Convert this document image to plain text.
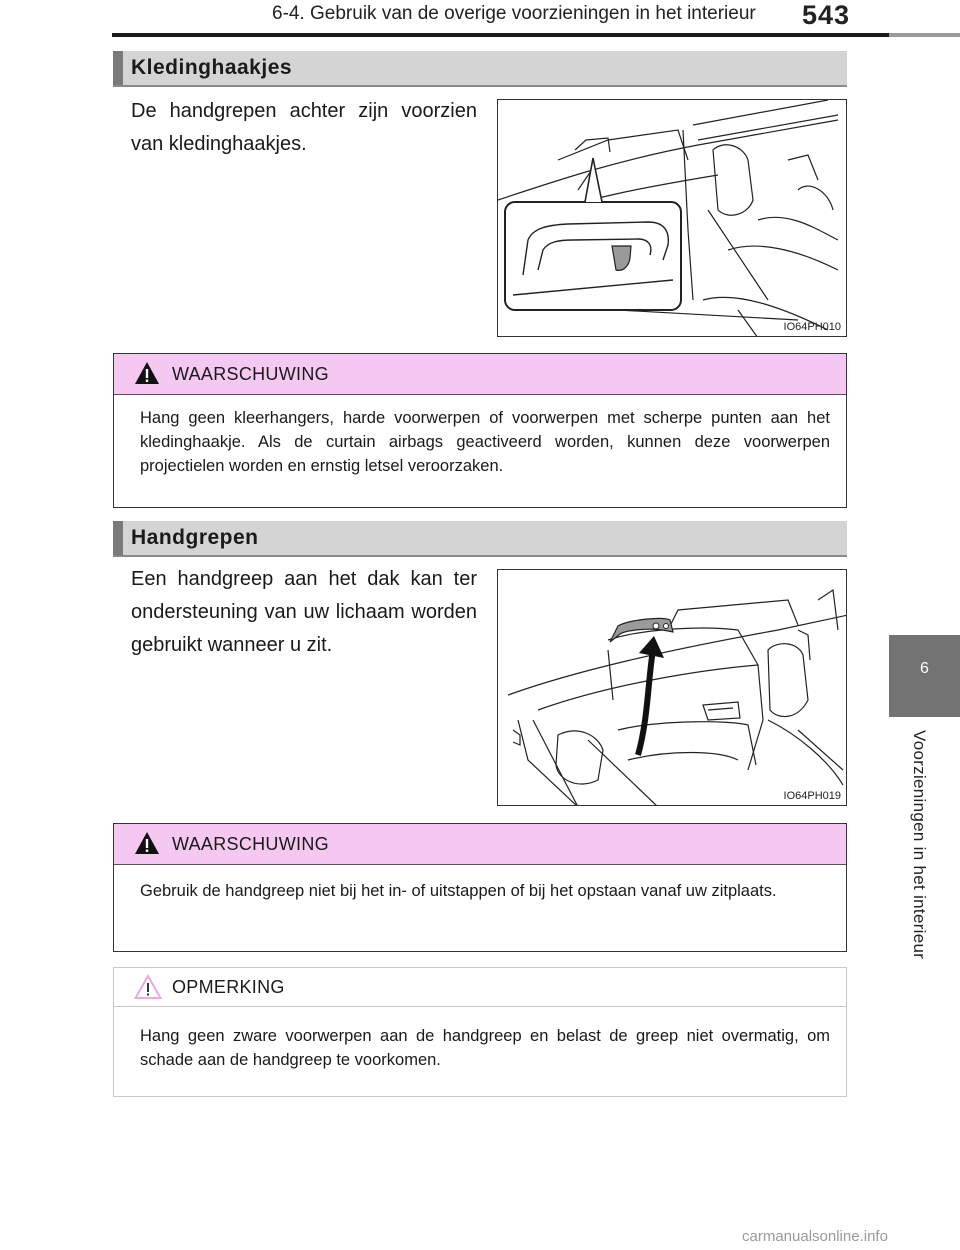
6-4. Gebruik van de overige voorzieningen in het interieur 543
6
Voorzieningen in het interieur
Kledinghaakjes
De handgrepen achter zijn voorzien van kledinghaakjes.
IO64PH010
WAARSCHUWING
Hang geen kleerhangers, harde voorwerpen of voorwerpen met scherpe punten aan het kledinghaakje. Als de curtain airbags geactiveerd worden, kunnen deze voorwerpen projectielen worden en ernstig letsel veroorzaken.
Handgrepen
Een handgreep aan het dak kan ter ondersteuning van uw lichaam worden gebruikt wanneer u zit.
IO64PH019
WAARSCHUWING
Gebruik de handgreep niet bij het in- of uitstappen of bij het opstaan vanaf uw zitplaats.
OPMERKING
Hang geen zware voorwerpen aan de handgreep en belast de greep niet overmatig, om schade aan de handgreep te voorkomen.
carmanualsonline.info
